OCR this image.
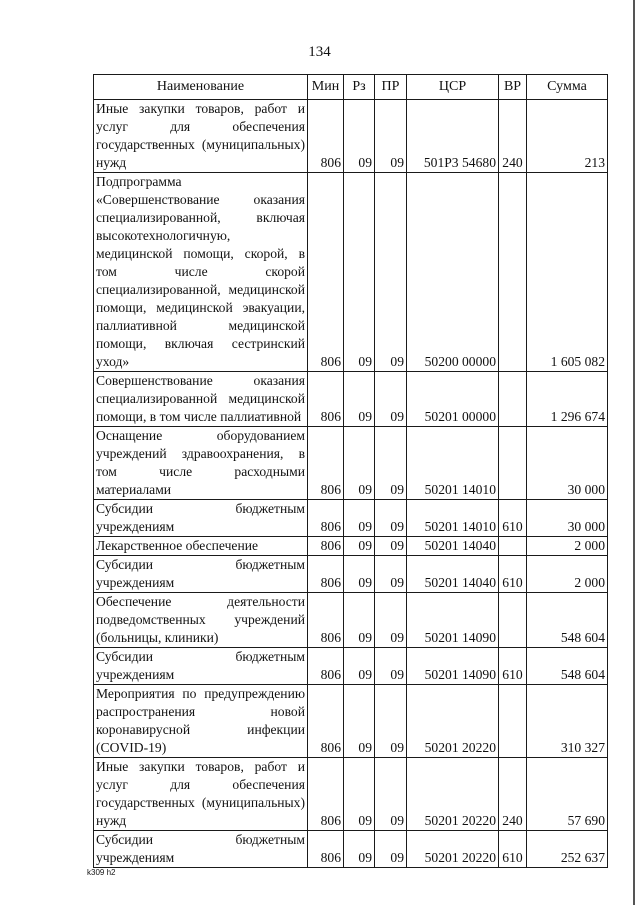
134
Наименование	Мин	Рз	ПР	ЦСР	ВР	Сумма
Иные закупки товаров, работ и услуг для обеспечения государственных (муниципальных) нужд	806	09	09	501Р3 54680	240	213
Подпрограмма «Совершенствование оказания специализированной, включая высокотехнологичную, медицинской помощи, скорой, в том числе скорой специализированной, медицинской помощи, медицинской эвакуации, паллиативной медицинской помощи, включая сестринский уход»	806	09	09	50200 00000		1 605 082
Совершенствование оказания специализированной медицинской помощи, в том числе паллиативной	806	09	09	50201 00000		1 296 674
Оснащение оборудованием учреждений здравоохранения, в том числе расходными материалами	806	09	09	50201 14010		30 000
Субсидии бюджетным учреждениям	806	09	09	50201 14010	610	30 000
Лекарственное обеспечение	806	09	09	50201 14040		2 000
Субсидии бюджетным учреждениям	806	09	09	50201 14040	610	2 000
Обеспечение деятельности подведомственных учреждений (больницы, клиники)	806	09	09	50201 14090		548 604
Субсидии бюджетным учреждениям	806	09	09	50201 14090	610	548 604
Мероприятия по предупреждению распространения новой коронавирусной инфекции (COVID-19)	806	09	09	50201 20220		310 327
Иные закупки товаров, работ и услуг для обеспечения государственных (муниципальных) нужд	806	09	09	50201 20220	240	57 690
Субсидии бюджетным учреждениям	806	09	09	50201 20220	610	252 637
k309 h2
